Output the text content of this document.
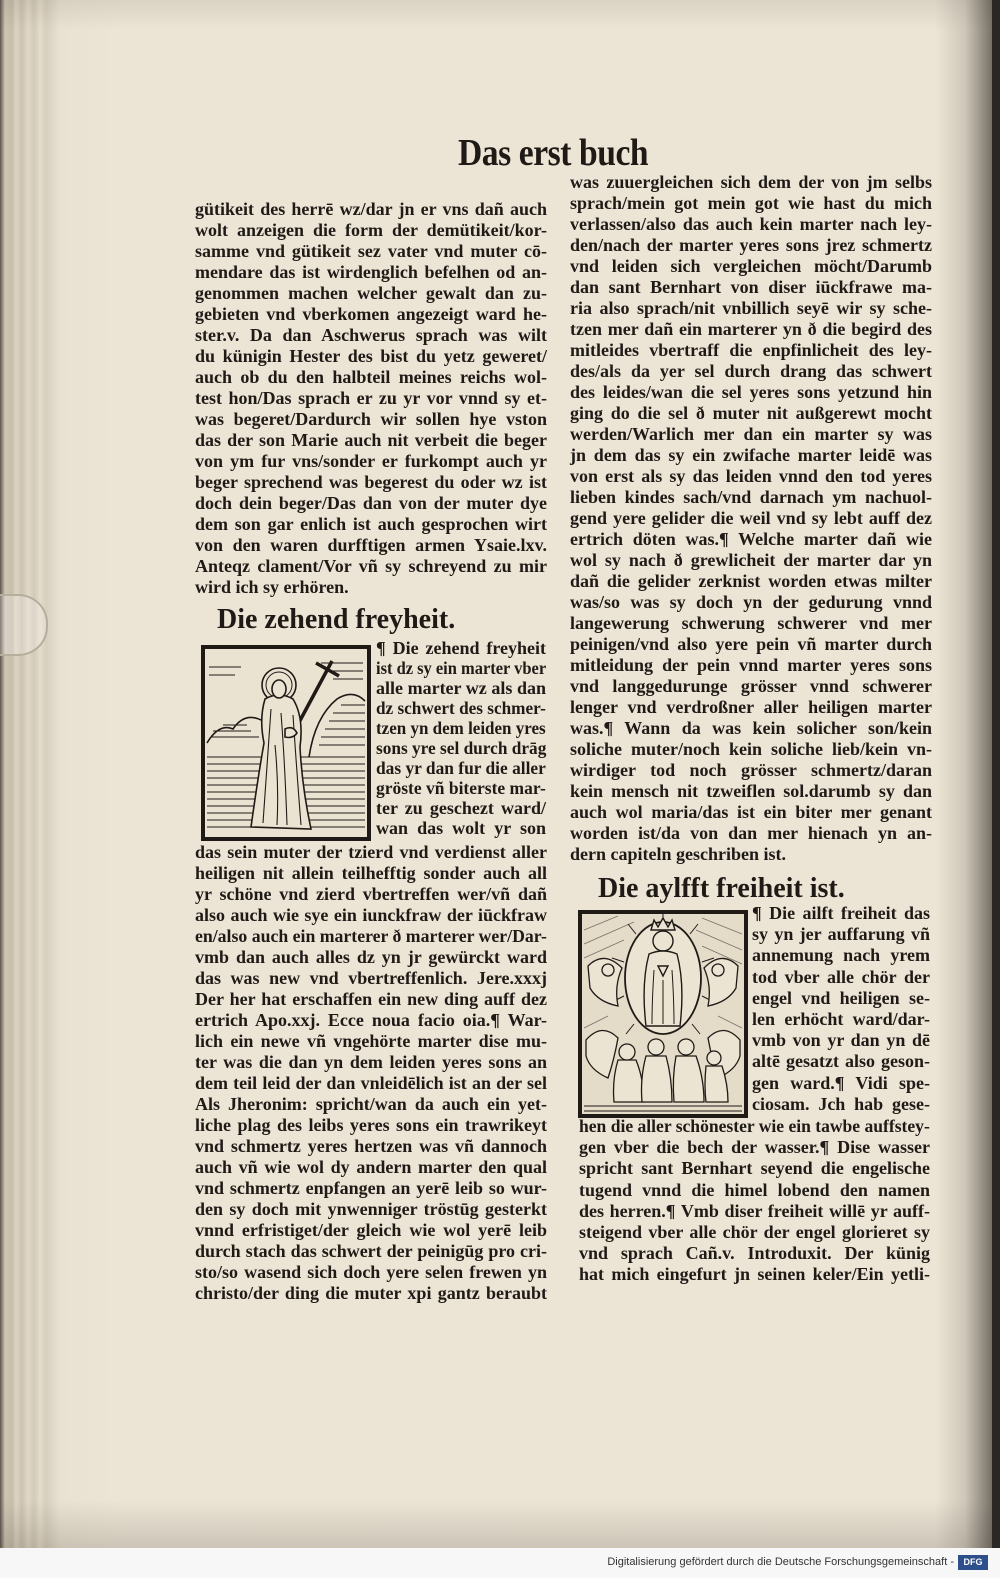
Das erst buch
gütikeit des herrē wz/dar jn er vns dañ auch
wolt anzeigen die form der demütikeit/kor-
samme vnd gütikeit sez vater vnd muter cō-
mendare das ist wirdenglich befelhen od an-
genommen machen welcher gewalt dan zu-
gebieten vnd vberkomen angezeigt ward he-
ster.v. Da dan Aschwerus sprach was wilt
du künigin Hester des bist du yetz geweret/
auch ob du den halbteil meines reichs wol-
test hon/Das sprach er zu yr vor vnnd sy et-
was begeret/Dardurch wir sollen hye vston
das der son Marie auch nit verbeit die beger
von ym fur vns/sonder er furkompt auch yr
beger sprechend was begerest du oder wz ist
doch dein beger/Das dan von der muter dye
dem son gar enlich ist auch gesprochen wirt
von den waren durfftigen armen Ysaie.lxv.
Anteqz clament/Vor vñ sy schreyend zu mir
wird ich sy erhören.
Die zehend freyheit.
¶ Die zehend freyheit
ist dz sy ein marter vber
alle marter wz als dan
dz schwert des schmer-
tzen yn dem leiden yres
sons yre sel durch drāg
das yr dan fur die aller
gröste vñ biterste mar-
ter zu geschezt ward/
wan das wolt yr son
das sein muter der tzierd vnd verdienst aller
heiligen nit allein teilhefftig sonder auch all
yr schöne vnd zierd vbertreffen wer/vñ dañ
also auch wie sye ein iunckfraw der iūckfraw
en/also auch ein marterer ð marterer wer/Dar-
vmb dan auch alles dz yn jr gewürckt ward
das was new vnd vbertreffenlich. Jere.xxxj
Der her hat erschaffen ein new ding auff dez
ertrich Apo.xxj. Ecce noua facio oia.¶ War-
lich ein newe vñ vngehörte marter dise mu-
ter was die dan yn dem leiden yeres sons an
dem teil leid der dan vnleidēlich ist an der sel
Als Jheronim: spricht/wan da auch ein yet-
liche plag des leibs yeres sons ein trawrikeyt
vnd schmertz yeres hertzen was vñ dannoch
auch vñ wie wol dy andern marter den qual
vnd schmertz enpfangen an yerē leib so wur-
den sy doch mit ynwenniger tröstūg gesterkt
vnnd erfristiget/der gleich wie wol yerē leib
durch stach das schwert der peinigūg pro cri-
sto/so wasend sich doch yere selen frewen yn
christo/der ding die muter xpi gantz beraubt
was zuuergleichen sich dem der von jm selbs
sprach/mein got mein got wie hast du mich
verlassen/also das auch kein marter nach ley-
den/nach der marter yeres sons jrez schmertz
vnd leiden sich vergleichen möcht/Darumb
dan sant Bernhart von diser iūckfrawe ma-
ria also sprach/nit vnbillich seyē wir sy sche-
tzen mer dañ ein marterer yn ð die begird des
mitleides vbertraff die enpfinlicheit des ley-
des/als da yer sel durch drang das schwert
des leides/wan die sel yeres sons yetzund hin
ging do die sel ð muter nit außgerewt mocht
werden/Warlich mer dan ein marter sy was
jn dem das sy ein zwifache marter leidē was
von erst als sy das leiden vnnd den tod yeres
lieben kindes sach/vnd darnach ym nachuol-
gend yere gelider die weil vnd sy lebt auff dez
ertrich döten was.¶ Welche marter dañ wie
wol sy nach ð grewlicheit der marter dar yn
dañ die gelider zerknist worden etwas milter
was/so was sy doch yn der gedurung vnnd
langewerung schwerung schwerer vnd mer
peinigen/vnd also yere pein vñ marter durch
mitleidung der pein vnnd marter yeres sons
vnd langgedurunge grösser vnnd schwerer
lenger vnd verdroßner aller heiligen marter
was.¶ Wann da was kein solicher son/kein
soliche muter/noch kein soliche lieb/kein vn-
wirdiger tod noch grösser schmertz/daran
kein mensch nit tzweiflen sol.darumb sy dan
auch wol maria/das ist ein biter mer genant
worden ist/da von dan mer hienach yn an-
dern capiteln geschriben ist.
Die aylfft freiheit ist.
¶ Die ailft freiheit das
sy yn jer auffarung vñ
annemung nach yrem
tod vber alle chör der
engel vnd heiligen se-
len erhöcht ward/dar-
vmb von yr dan yn dē
altē gesatzt also geson-
gen ward.¶ Vidi spe-
ciosam. Jch hab gese-
hen die aller schönester wie ein tawbe auffstey-
gen vber die bech der wasser.¶ Dise wasser
spricht sant Bernhart seyend die engelische
tugend vnnd die himel lobend den namen
des herren.¶ Vmb diser freiheit willē yr auff-
steigend vber alle chör der engel glorieret sy
vnd sprach Cañ.v. Introduxit. Der künig
hat mich eingefurt jn seinen keler/Ein yetli-
Digitalisierung gefördert durch die Deutsche Forschungsgemeinschaft -	DFG
